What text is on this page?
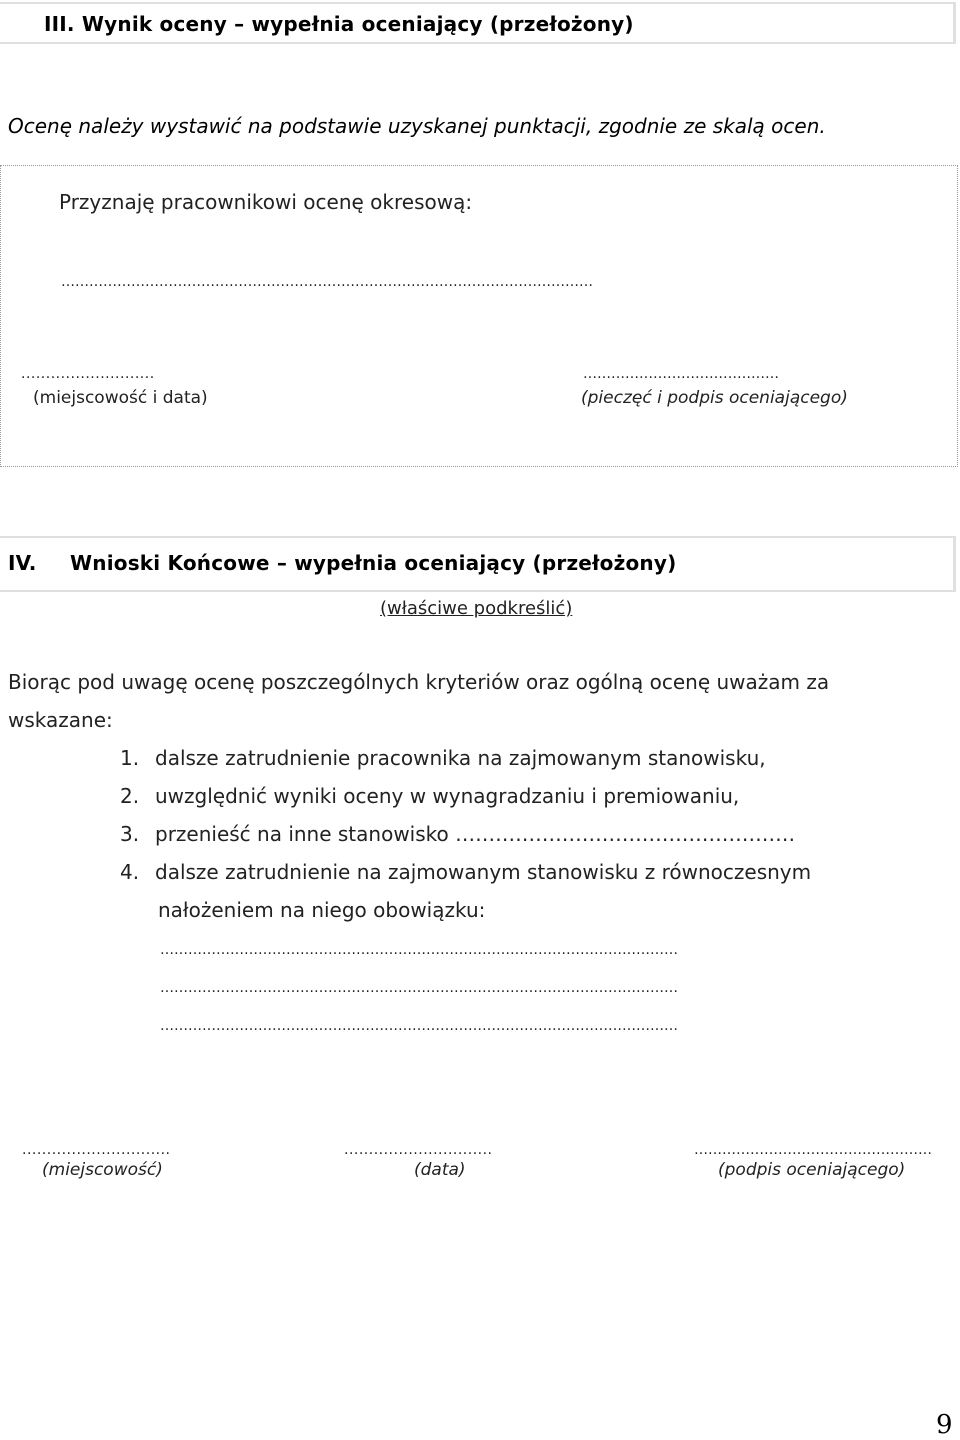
III. Wynik oceny – wypełnia oceniający (przełożony)
Ocenę należy wystawić na podstawie uzyskanej punktacji, zgodnie ze skalą ocen.
Przyznaję pracownikowi ocenę okresową:
……………………………………………………………………………………………………
...........................
(miejscowość i data)
……………………………………
(pieczęć i podpis oceniającego)
IV. Wnioski Końcowe – wypełnia oceniający (przełożony)
(właściwe podkreślić)
Biorąc pod uwagę ocenę poszczególnych kryteriów oraz ogólną ocenę uważam za
wskazane:
1. dalsze zatrudnienie pracownika na zajmowanym stanowisku,
2. uwzględnić wyniki oceny w wynagradzaniu i premiowaniu,
3. przenieść na inne stanowisko ……………………………………………
4. dalsze zatrudnienie na zajmowanym stanowisku z równoczesnym
nałożeniem na niego obowiązku:
…………………………………………………………………………………………………
…………………………………………………………………………………………………
…………………………………………………………………………………………………
..............................
(miejscowość)
..............................
(data)
……………………………………………
(podpis oceniającego)
9
